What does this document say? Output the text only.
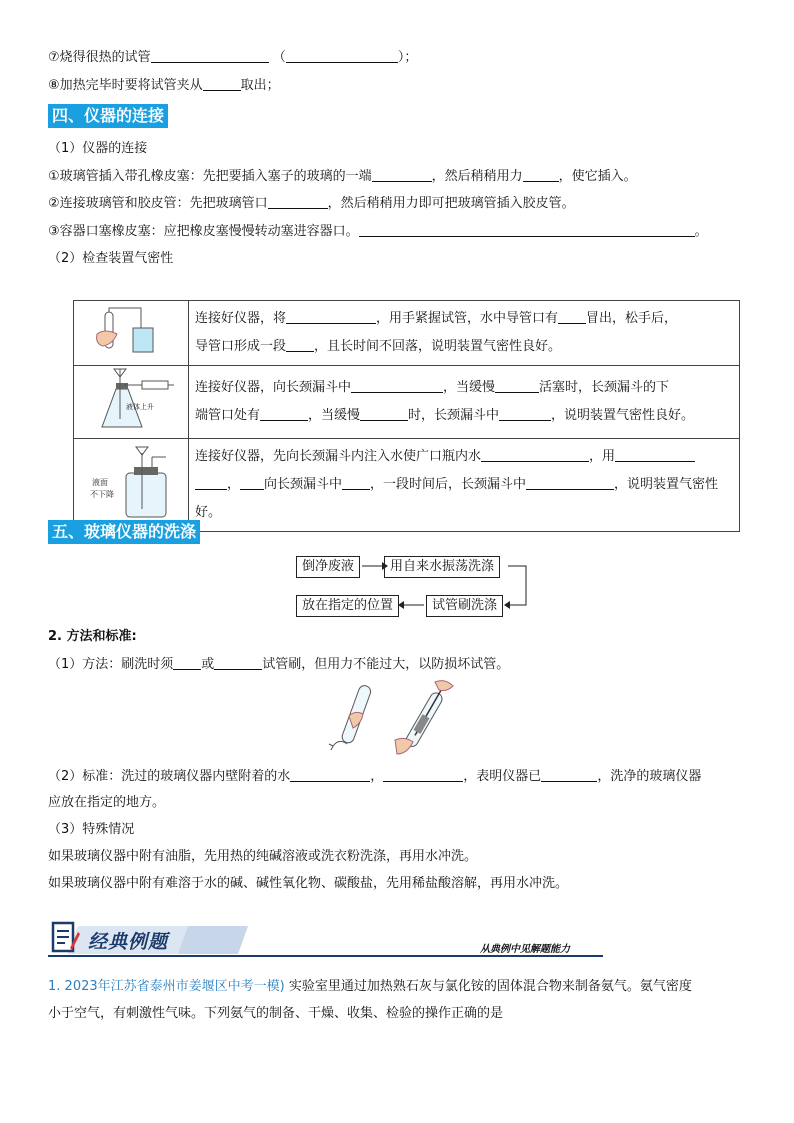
⑦烧得很热的试管	（	）；
⑧加热完毕时要将试管夹从	取出；
四、仪器的连接
（1）仪器的连接
①玻璃管插入带孔橡皮塞：先把要插入塞子的玻璃的一端	，然后稍稍用力	，使它插入。
②连接玻璃管和胶皮管：先把玻璃管口	，然后稍稍用力即可把玻璃管插入胶皮管。
③容器口塞橡皮塞：应把橡皮塞慢慢转动塞进容器口。	。
（2）检查装置气密性
	连接好仪器，将 ，用手紧握试管，水中导管口有 冒出，松手后，
导管口形成一段 ，且长时间不回落，说明装置气密性良好。

液体上升	连接好仪器，向长颈漏斗中 ，当缓慢 活塞时，长颈漏斗的下
端管口处有 ，当缓慢 时，长颈漏斗中 ，说明装置气密性良好。

液面
不下降	连接好仪器，先向长颈漏斗内注入水使广口瓶内水 ，用
， 向长颈漏斗中 ，一段时间后，长颈漏斗中 ，说明装置气密性
好。
五、玻璃仪器的洗涤
倒净废液	用自来水振荡洗涤
试管刷洗涤
放在指定的位置
2. 方法和标准:
（1）方法：刷洗时须 或	试管刷，但用力不能过大，以防损坏试管。
（2）标准：洗过的玻璃仪器内壁附着的水	，	，表明仪器已	，洗净的玻璃仪器
应放在指定的地方。
（3）特殊情况
如果玻璃仪器中附有油脂，先用热的纯碱溶液或洗衣粉洗涤，再用水冲洗。
如果玻璃仪器中附有难溶于水的碱、碱性氧化物、碳酸盐，先用稀盐酸溶解，再用水冲洗。
经典例题	从典例中见解题能力
1. 2023年江苏省泰州市姜堰区中考一模) 实验室里通过加热熟石灰与氯化铵的固体混合物来制备氨气。氨气密度
小于空气，有刺激性气味。下列氨气的制备、干燥、收集、检验的操作正确的是
